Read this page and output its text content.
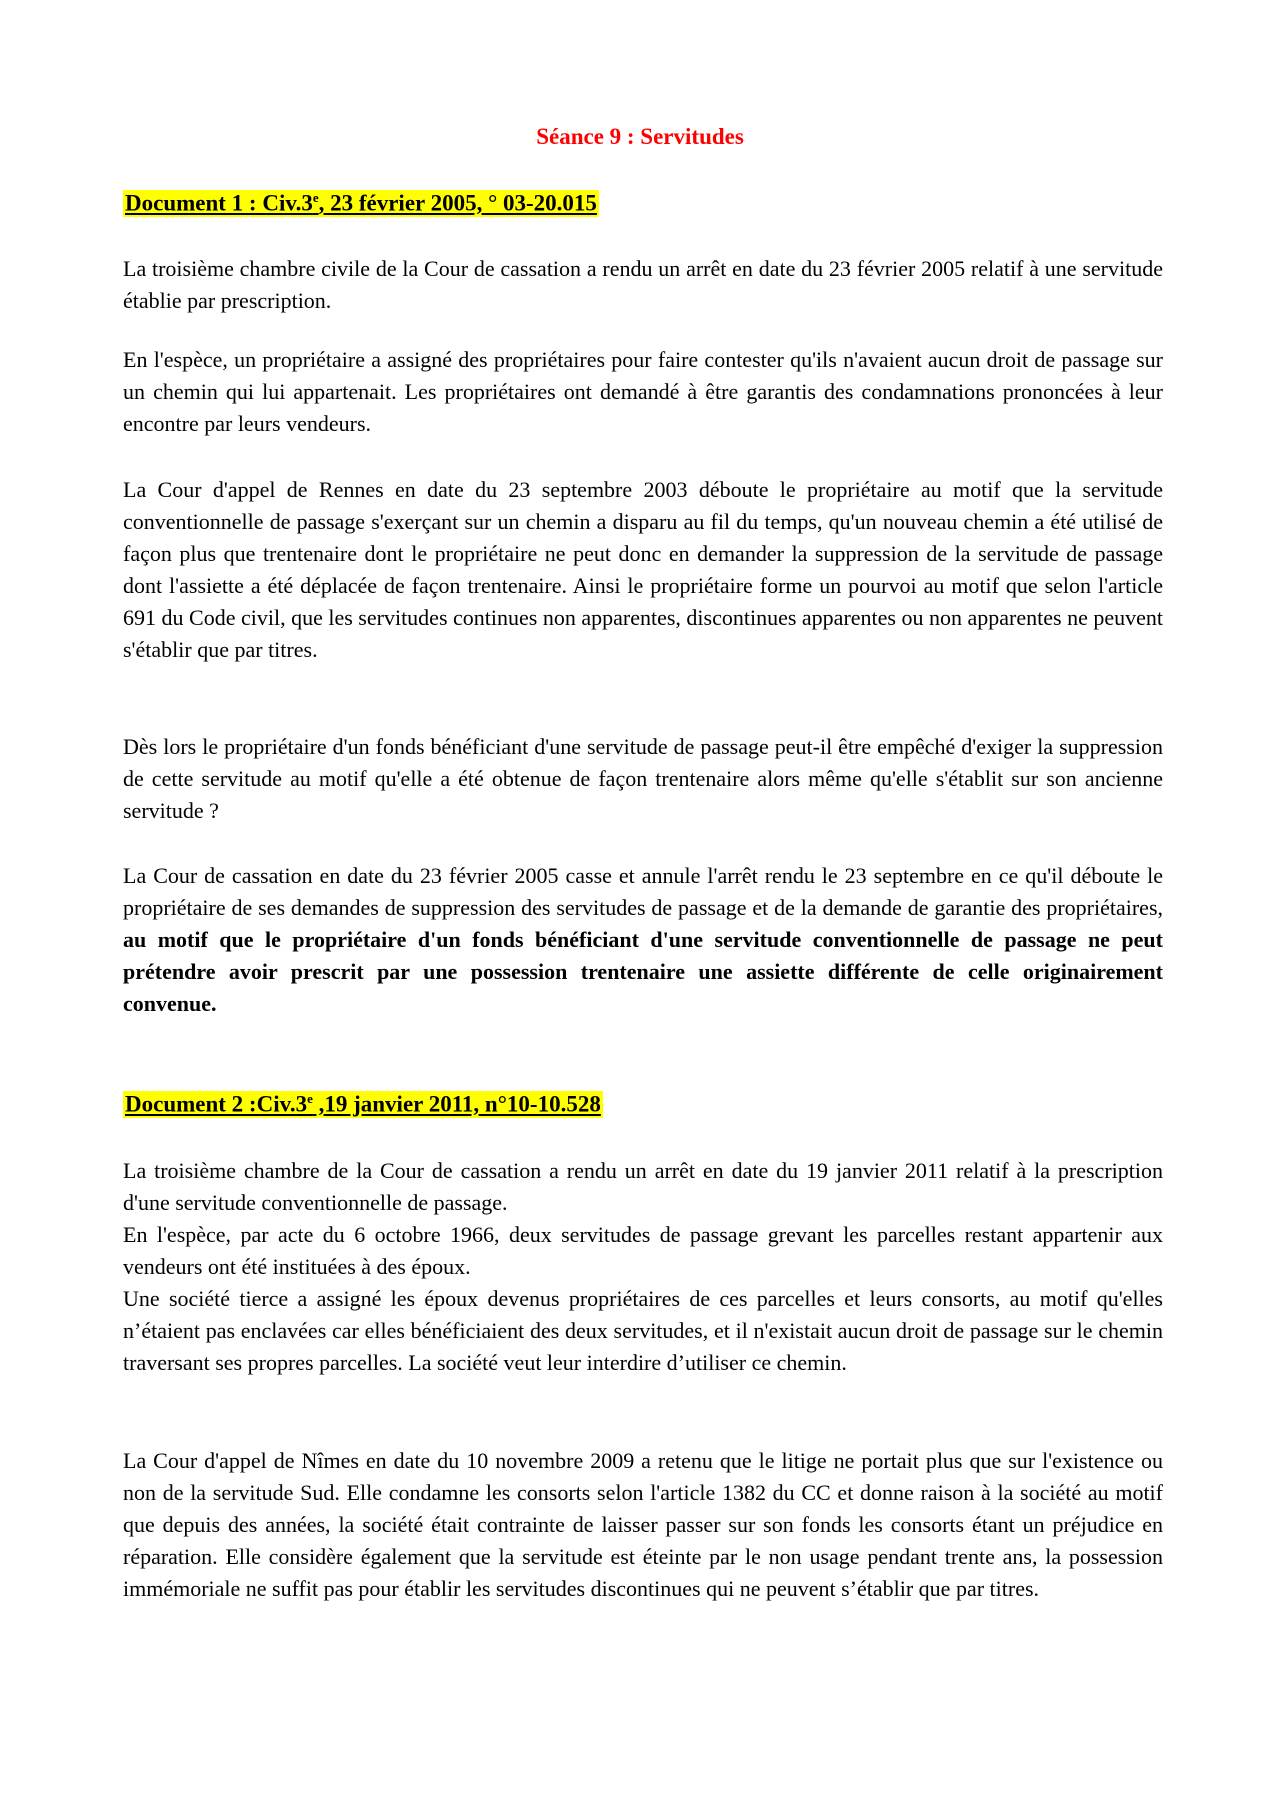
Séance 9 : Servitudes
Document 1 : Civ.3e, 23 février 2005, ° 03-20.015

La troisième chambre civile de la Cour de cassation a rendu un arrêt en date du 23 février 2005 relatif à une servitude établie par prescription.

En l'espèce, un propriétaire a assigné des propriétaires pour faire contester qu'ils n'avaient aucun droit de passage sur un chemin qui lui appartenait. Les propriétaires ont demandé à être garantis des condamnations prononcées à leur encontre par leurs vendeurs.

La Cour d'appel de Rennes en date du 23 septembre 2003 déboute le propriétaire au motif que la servitude conventionnelle de passage s'exerçant sur un chemin a disparu au fil du temps, qu'un nouveau chemin a été utilisé de façon plus que trentenaire dont le propriétaire ne peut donc en demander la suppression de la servitude de passage dont l'assiette a été déplacée de façon trentenaire. Ainsi le propriétaire forme un pourvoi au motif que selon l'article 691 du Code civil, que les servitudes continues non apparentes, discontinues apparentes ou non apparentes ne peuvent s'établir que par titres.

Dès lors le propriétaire d'un fonds bénéficiant d'une servitude de passage peut-il être empêché d'exiger la suppression de cette servitude au motif qu'elle a été obtenue de façon trentenaire alors même qu'elle s'établit sur son ancienne servitude ?

La Cour de cassation en date du 23 février 2005 casse et annule l'arrêt rendu le 23 septembre en ce qu'il déboute le propriétaire de ses demandes de suppression des servitudes de passage et de la demande de garantie des propriétaires, au motif que le propriétaire d'un fonds bénéficiant d'une servitude conventionnelle de passage ne peut prétendre avoir prescrit par une possession trentenaire une assiette différente de celle originairement convenue.

Document 2 :Civ.3e ,19 janvier 2011, n°10-10.528

La troisième chambre de la Cour de cassation a rendu un arrêt en date du 19 janvier 2011 relatif à la prescription d'une servitude conventionnelle de passage.
En l'espèce, par acte du 6 octobre 1966, deux servitudes de passage grevant les parcelles restant appartenir aux vendeurs ont été instituées à des époux.
Une société tierce a assigné les époux devenus propriétaires de ces parcelles et leurs consorts, au motif qu'elles n’étaient pas enclavées car elles bénéficiaient des deux servitudes, et il n'existait aucun droit de passage sur le chemin traversant ses propres parcelles. La société veut leur interdire d’utiliser ce chemin.

La Cour d'appel de Nîmes en date du 10 novembre 2009 a retenu que le litige ne portait plus que sur l'existence ou non de la servitude Sud. Elle condamne les consorts selon l'article 1382 du CC et donne raison à la société au motif que depuis des années, la société était contrainte de laisser passer sur son fonds les consorts étant un préjudice en réparation. Elle considère également que la servitude est éteinte par le non usage pendant trente ans, la possession immémoriale ne suffit pas pour établir les servitudes discontinues qui ne peuvent s’établir que par titres.
